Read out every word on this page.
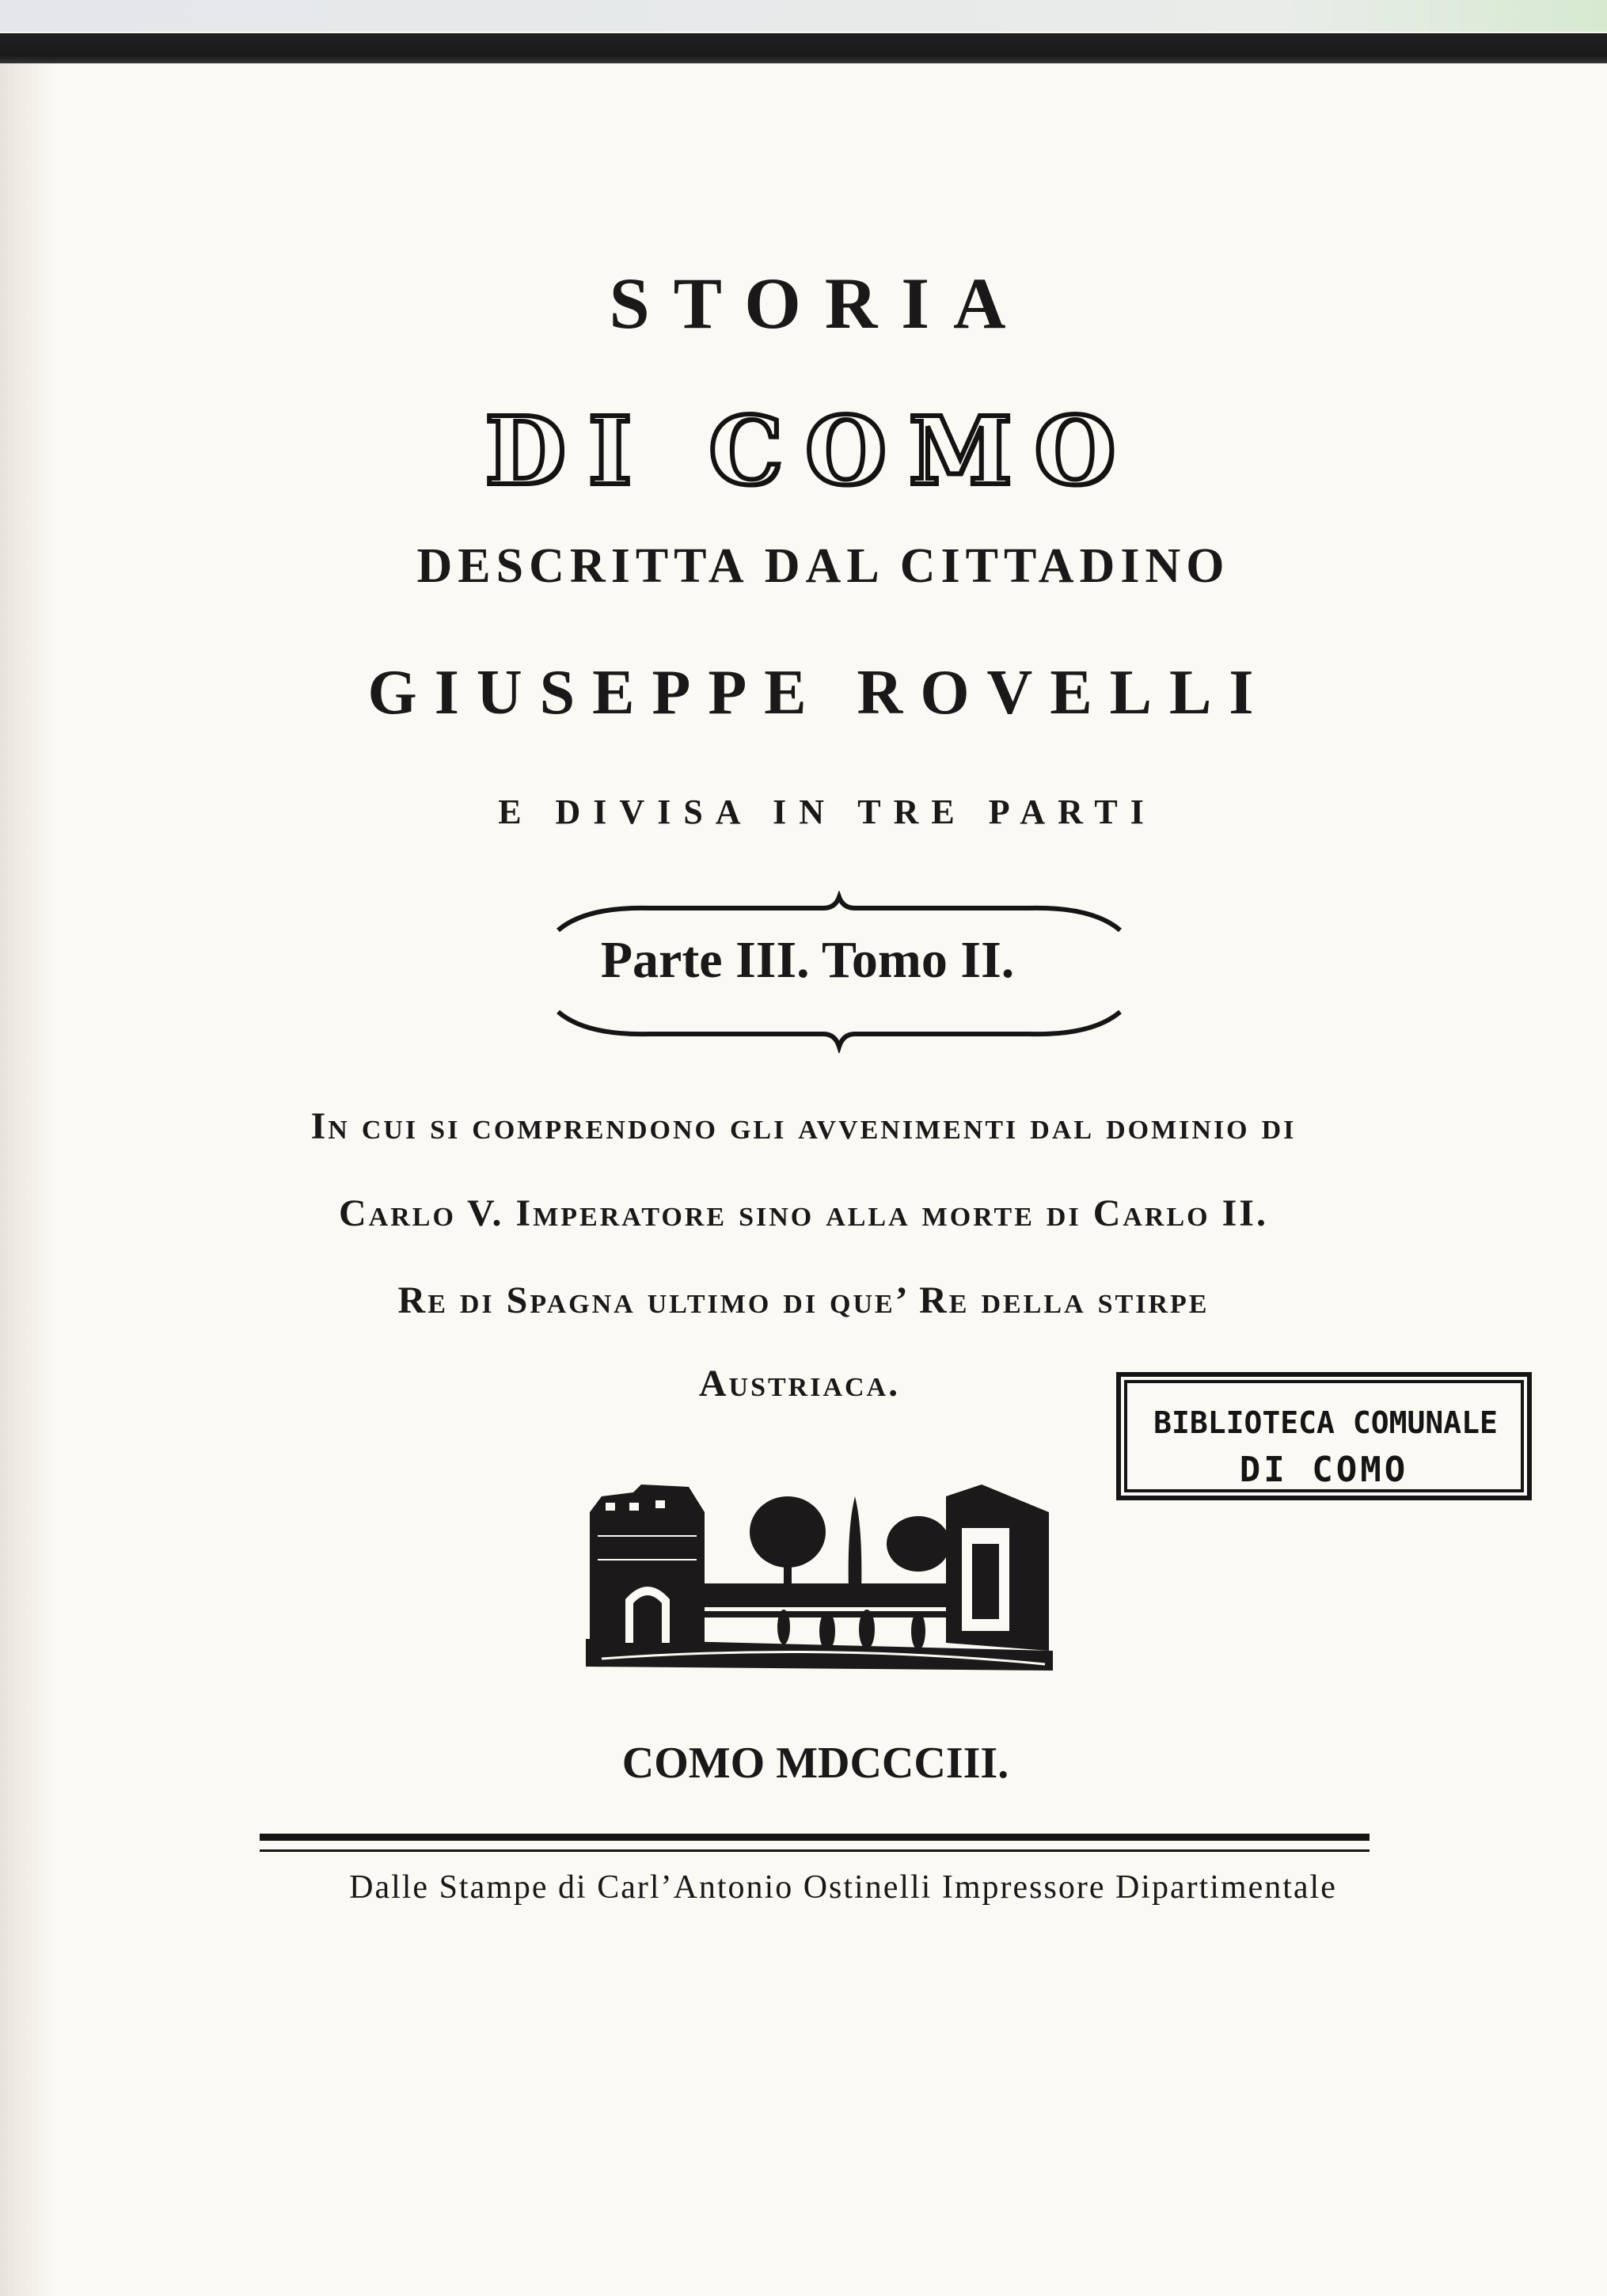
STORIA
DI COMO
DESCRITTA DAL CITTADINO
GIUSEPPE ROVELLI
E DIVISA IN TRE PARTI
Parte III. Tomo II.
In cui si comprendono gli avvenimenti dal dominio di
Carlo V. Imperatore sino alla morte di Carlo II.
Re di Spagna ultimo di que’ Re della stirpe
Austriaca.
BIBLIOTECA COMUNALE
DI COMO
COMO MDCCCIII.
Dalle Stampe di Carl’Antonio Ostinelli Impressore Dipartimentale
